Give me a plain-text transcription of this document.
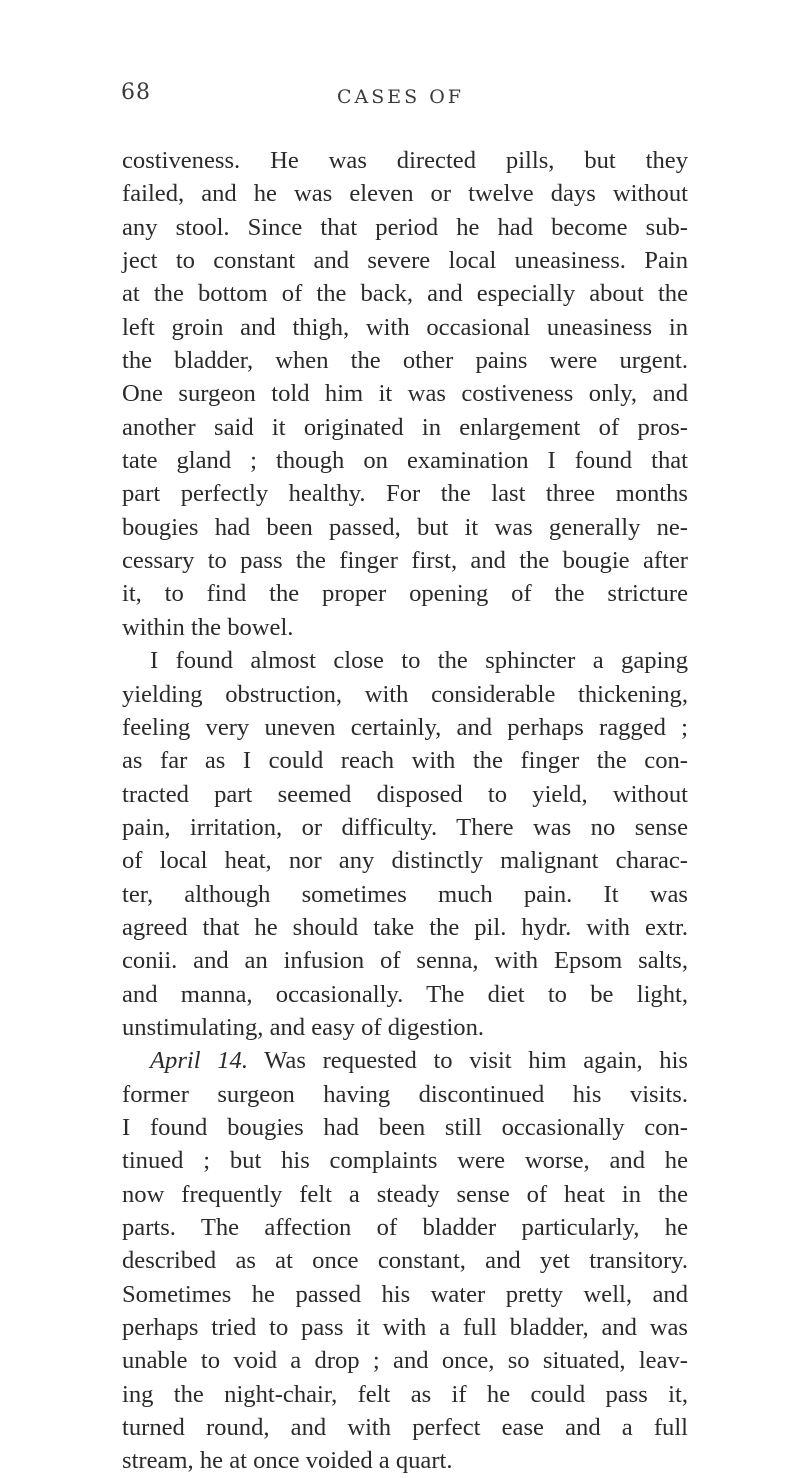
68	CASES OF
costiveness. He was directed pills, but they
failed, and he was eleven or twelve days without
any stool. Since that period he had become sub-
ject to constant and severe local uneasiness. Pain
at the bottom of the back, and especially about the
left groin and thigh, with occasional uneasiness in
the bladder, when the other pains were urgent.
One surgeon told him it was costiveness only, and
another said it originated in enlargement of pros-
tate gland ; though on examination I found that
part perfectly healthy. For the last three months
bougies had been passed, but it was generally ne-
cessary to pass the finger first, and the bougie after
it, to find the proper opening of the stricture
within the bowel.
I found almost close to the sphincter a gaping
yielding obstruction, with considerable thickening,
feeling very uneven certainly, and perhaps ragged ;
as far as I could reach with the finger the con-
tracted part seemed disposed to yield, without
pain, irritation, or difficulty. There was no sense
of local heat, nor any distinctly malignant charac-
ter, although sometimes much pain. It was
agreed that he should take the pil. hydr. with extr.
conii. and an infusion of senna, with Epsom salts,
and manna, occasionally. The diet to be light,
unstimulating, and easy of digestion.
April 14. Was requested to visit him again, his
former surgeon having discontinued his visits.
I found bougies had been still occasionally con-
tinued ; but his complaints were worse, and he
now frequently felt a steady sense of heat in the
parts. The affection of bladder particularly, he
described as at once constant, and yet transitory.
Sometimes he passed his water pretty well, and
perhaps tried to pass it with a full bladder, and was
unable to void a drop ; and once, so situated, leav-
ing the night-chair, felt as if he could pass it,
turned round, and with perfect ease and a full
stream, he at once voided a quart.
